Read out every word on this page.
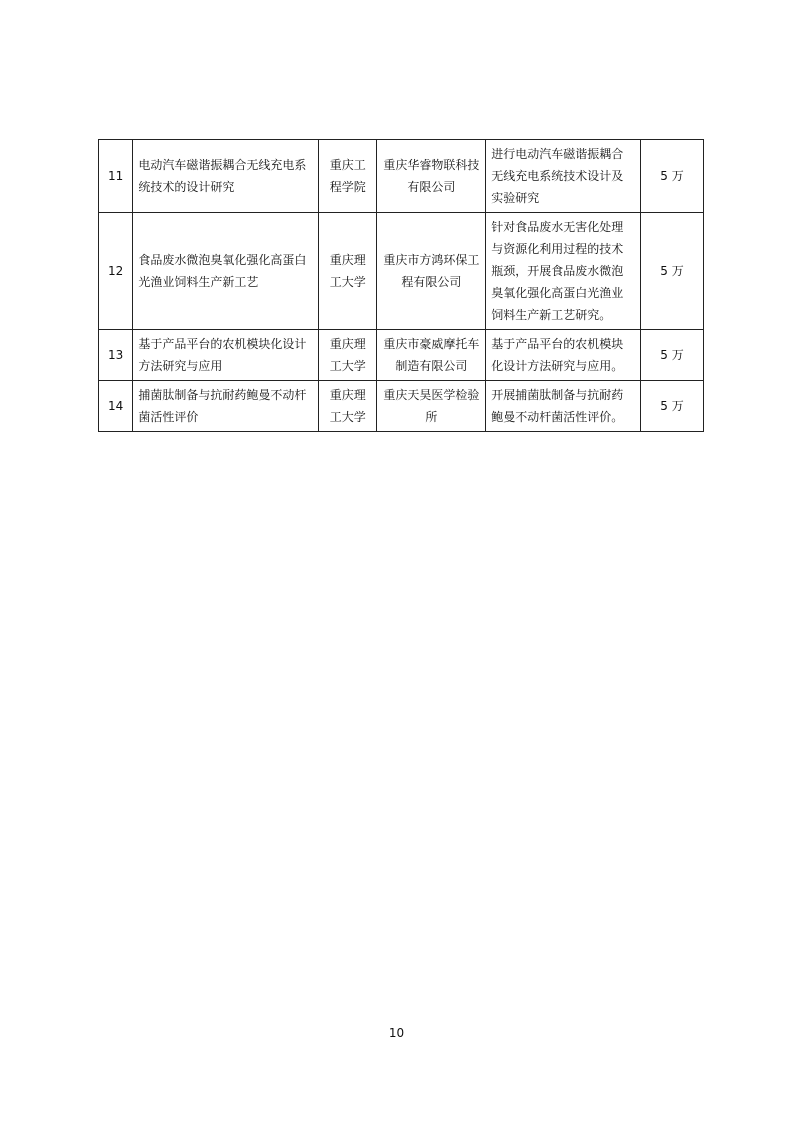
11	电动汽车磁谐振耦合无线充电系统技术的设计研究	重庆工程学院	重庆华睿物联科技有限公司	进行电动汽车磁谐振耦合无线充电系统技术设计及实验研究	5 万
12	食品废水微泡臭氧化强化高蛋白光渔业饲料生产新工艺	重庆理工大学	重庆市方鸿环保工程有限公司	针对食品废水无害化处理与资源化利用过程的技术瓶颈，开展食品废水微泡臭氧化强化高蛋白光渔业饲料生产新工艺研究。	5 万
13	基于产品平台的农机模块化设计方法研究与应用	重庆理工大学	重庆市豪威摩托车制造有限公司	基于产品平台的农机模块化设计方法研究与应用。	5 万
14	捕菌肽制备与抗耐药鲍曼不动杆菌活性评价	重庆理工大学	重庆天昊医学检验所	开展捕菌肽制备与抗耐药鲍曼不动杆菌活性评价。	5 万
10
